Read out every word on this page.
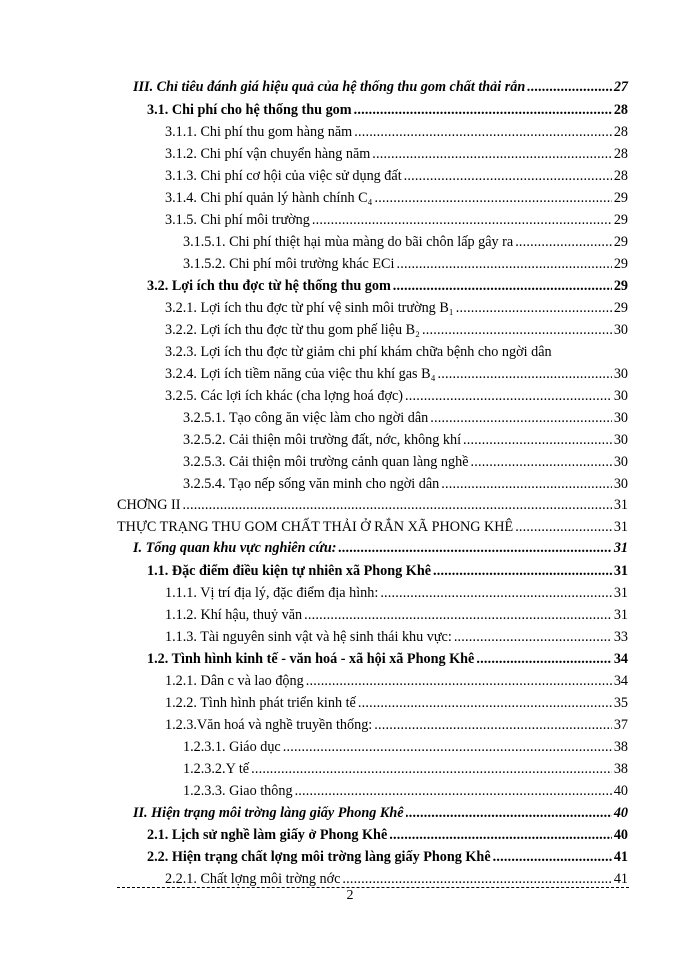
III. Chỉ tiêu đánh giá hiệu quả của hệ thống thu gom chất thải rắn .....	27
3.1. Chi phí cho hệ thống thu gom .....	28
3.1.1. Chi phí thu gom hàng năm .....	28
3.1.2. Chi phí vận chuyển hàng năm .....	28
3.1.3. Chi phí cơ hội của việc sử dụng đất .....	28
3.1.4. Chi phí quản lý hành chính C₄ .....	29
3.1.5. Chi phí môi trường .....	29
3.1.5.1. Chi phí thiệt hại mùa màng do bãi chôn lấp gây ra .....	29
3.1.5.2. Chi phí môi trường khác ECi .....	29
3.2. Lợi ích thu đợc từ hệ thống thu gom .....	29
3.2.1. Lợi ích thu đợc từ phí vệ sinh môi trường B₁ .....	29
3.2.2. Lợi ích thu đợc từ thu gom phế liệu B₂ .....	30
3.2.3. Lợi ích thu đợc từ giảm chi phí khám chữa bệnh cho ngời dân
3.2.4. Lợi ích tiềm năng của việc thu khí gas B₄ .....	30
3.2.5. Các lợi ích khác (cha lợng hoá đợc) .....	30
3.2.5.1. Tạo công ăn việc làm cho ngời dân .....	30
3.2.5.2. Cải thiện môi trường đất, nớc, không khí .....	30
3.2.5.3. Cải thiện môi trường cảnh quan làng nghề .....	30
3.2.5.4. Tạo nếp sống văn minh cho ngời dân .....	30
CHƠNG II .....	31
THỰC TRẠNG THU GOM CHẤT THẢI Ở RẮN XÃ PHONG KHÊ .....	31
I. Tổng quan khu vực nghiên cứu: .....	31
1.1. Đặc điểm điều kiện tự nhiên xã Phong Khê .....	31
1.1.1. Vị trí địa lý, đặc điểm địa hình: .....	31
1.1.2. Khí hậu, thuỷ văn .....	31
1.1.3. Tài nguyên sinh vật và hệ sinh thái khu vực: .....	33
1.2. Tình hình kinh tế - văn hoá - xã hội xã Phong Khê .....	34
1.2.1. Dân c và lao động .....	34
1.2.2. Tình hình phát triển kinh tế .....	35
1.2.3.Văn hoá và nghề truyền thống: .....	37
1.2.3.1. Giáo dục .....	38
1.2.3.2.Y tế .....	38
1.2.3.3. Giao thông .....	40
II. Hiện trạng môi trờng làng giấy Phong Khê .....	40
2.1. Lịch sử nghề làm giấy ở Phong Khê .....	40
2.2. Hiện trạng chất lợng môi trờng làng giấy Phong Khê .....	41
2.2.1. Chất lợng môi trờng nớc .....	41
2
